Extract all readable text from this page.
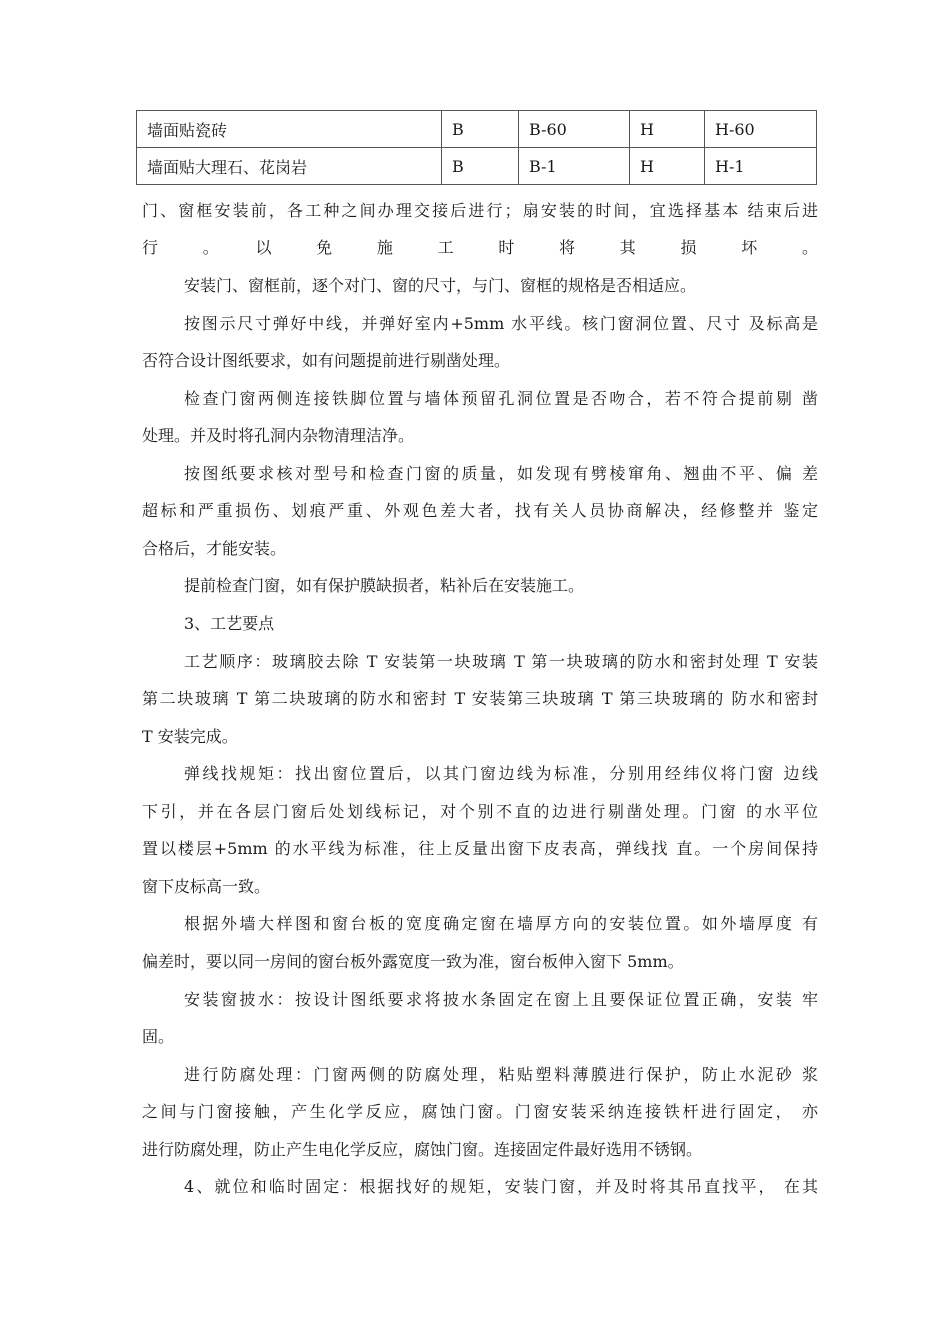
墙面贴瓷砖	B	B-60	H	H-60
墙面贴大理石、花岗岩	B	B-1	H	H-1
门、窗框安装前，各工种之间办理交接后进行；扇安装的时间，宜选择基本 结束后进
行　。　以　免　施　工　时　将　其　损　坏　。
安装门、窗框前，逐个对门、窗的尺寸，与门、窗框的规格是否相适应。
按图示尺寸弹好中线，并弹好室内+5mm 水平线。核门窗洞位置、尺寸 及标高是
否符合设计图纸要求，如有问题提前进行剔凿处理。
检查门窗两侧连接铁脚位置与墙体预留孔洞位置是否吻合，若不符合提前剔 凿
处理。并及时将孔洞内杂物清理洁净。
按图纸要求核对型号和检查门窗的质量，如发现有劈棱窜角、翘曲不平、偏 差
超标和严重损伤、划痕严重、外观色差大者，找有关人员协商解决，经修整并 鉴定
合格后，才能安装。
提前检查门窗，如有保护膜缺损者，粘补后在安装施工。
3、工艺要点
工艺顺序：玻璃胶去除 T 安装第一块玻璃 T 第一块玻璃的防水和密封处理 T 安装
第二块玻璃 T 第二块玻璃的防水和密封 T 安装第三块玻璃 T 第三块玻璃的 防水和密封
T 安装完成。
弹线找规矩：找出窗位置后，以其门窗边线为标准，分别用经纬仪将门窗 边线
下引，并在各层门窗后处划线标记，对个别不直的边进行剔凿处理。门窗 的水平位
置以楼层+5mm 的水平线为标准，往上反量出窗下皮表高，弹线找 直。一个房间保持
窗下皮标高一致。
根据外墙大样图和窗台板的宽度确定窗在墙厚方向的安装位置。如外墙厚度 有
偏差时，要以同一房间的窗台板外露宽度一致为准，窗台板伸入窗下 5mm。
安装窗披水：按设计图纸要求将披水条固定在窗上且要保证位置正确，安装 牢
固。
进行防腐处理：门窗两侧的防腐处理，粘贴塑料薄膜进行保护，防止水泥砂 浆
之间与门窗接触，产生化学反应，腐蚀门窗。门窗安装采纳连接铁杆进行固定， 亦
进行防腐处理，防止产生电化学反应，腐蚀门窗。连接固定件最好选用不锈钢。
4、就位和临时固定：根据找好的规矩，安装门窗，并及时将其吊直找平， 在其
